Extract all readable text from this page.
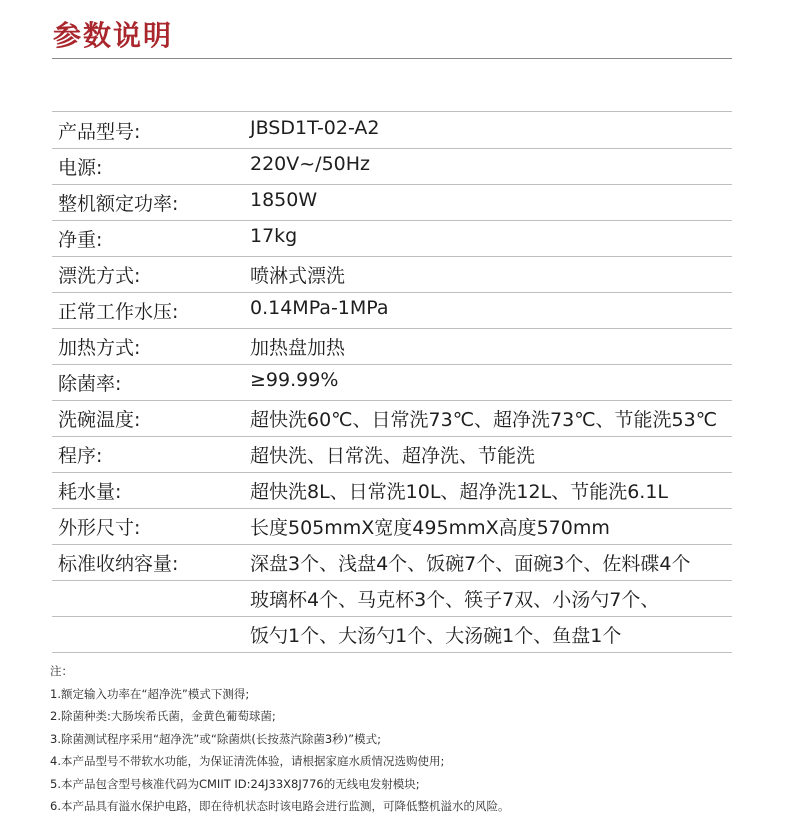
参数说明
产品型号:	JBSD1T-02-A2
电源:	220V~/50Hz
整机额定功率:	1850W
净重:	17kg
漂洗方式:	喷淋式漂洗
正常工作水压:	0.14MPa-1MPa
加热方式:	加热盘加热
除菌率:	≥99.99%
洗碗温度:	超快洗60℃、日常洗73℃、超净洗73℃、节能洗53℃
程序:	超快洗、日常洗、超净洗、节能洗
耗水量:	超快洗8L、日常洗10L、超净洗12L、节能洗6.1L
外形尺寸:	长度505mmX宽度495mmX高度570mm
标准收纳容量:	深盘3个、浅盘4个、饭碗7个、面碗3个、佐料碟4个
玻璃杯4个、马克杯3个、筷子7双、小汤勺7个、
饭勺1个、大汤勺1个、大汤碗1个、鱼盘1个
注：
1.额定输入功率在“超净洗”模式下测得;
2.除菌种类:大肠埃希氏菌，金黄色葡萄球菌;
3.除菌测试程序采用“超净洗”或“除菌烘(长按蒸汽除菌3秒)”模式;
4.本产品型号不带软水功能，为保证清洗体验，请根据家庭水质情况选购使用;
5.本产品包含型号核准代码为CMIIT ID:24J33X8J776的无线电发射模块;
6.本产品具有溢水保护电路，即在待机状态时该电路会进行监测，可降低整机溢水的风险。
